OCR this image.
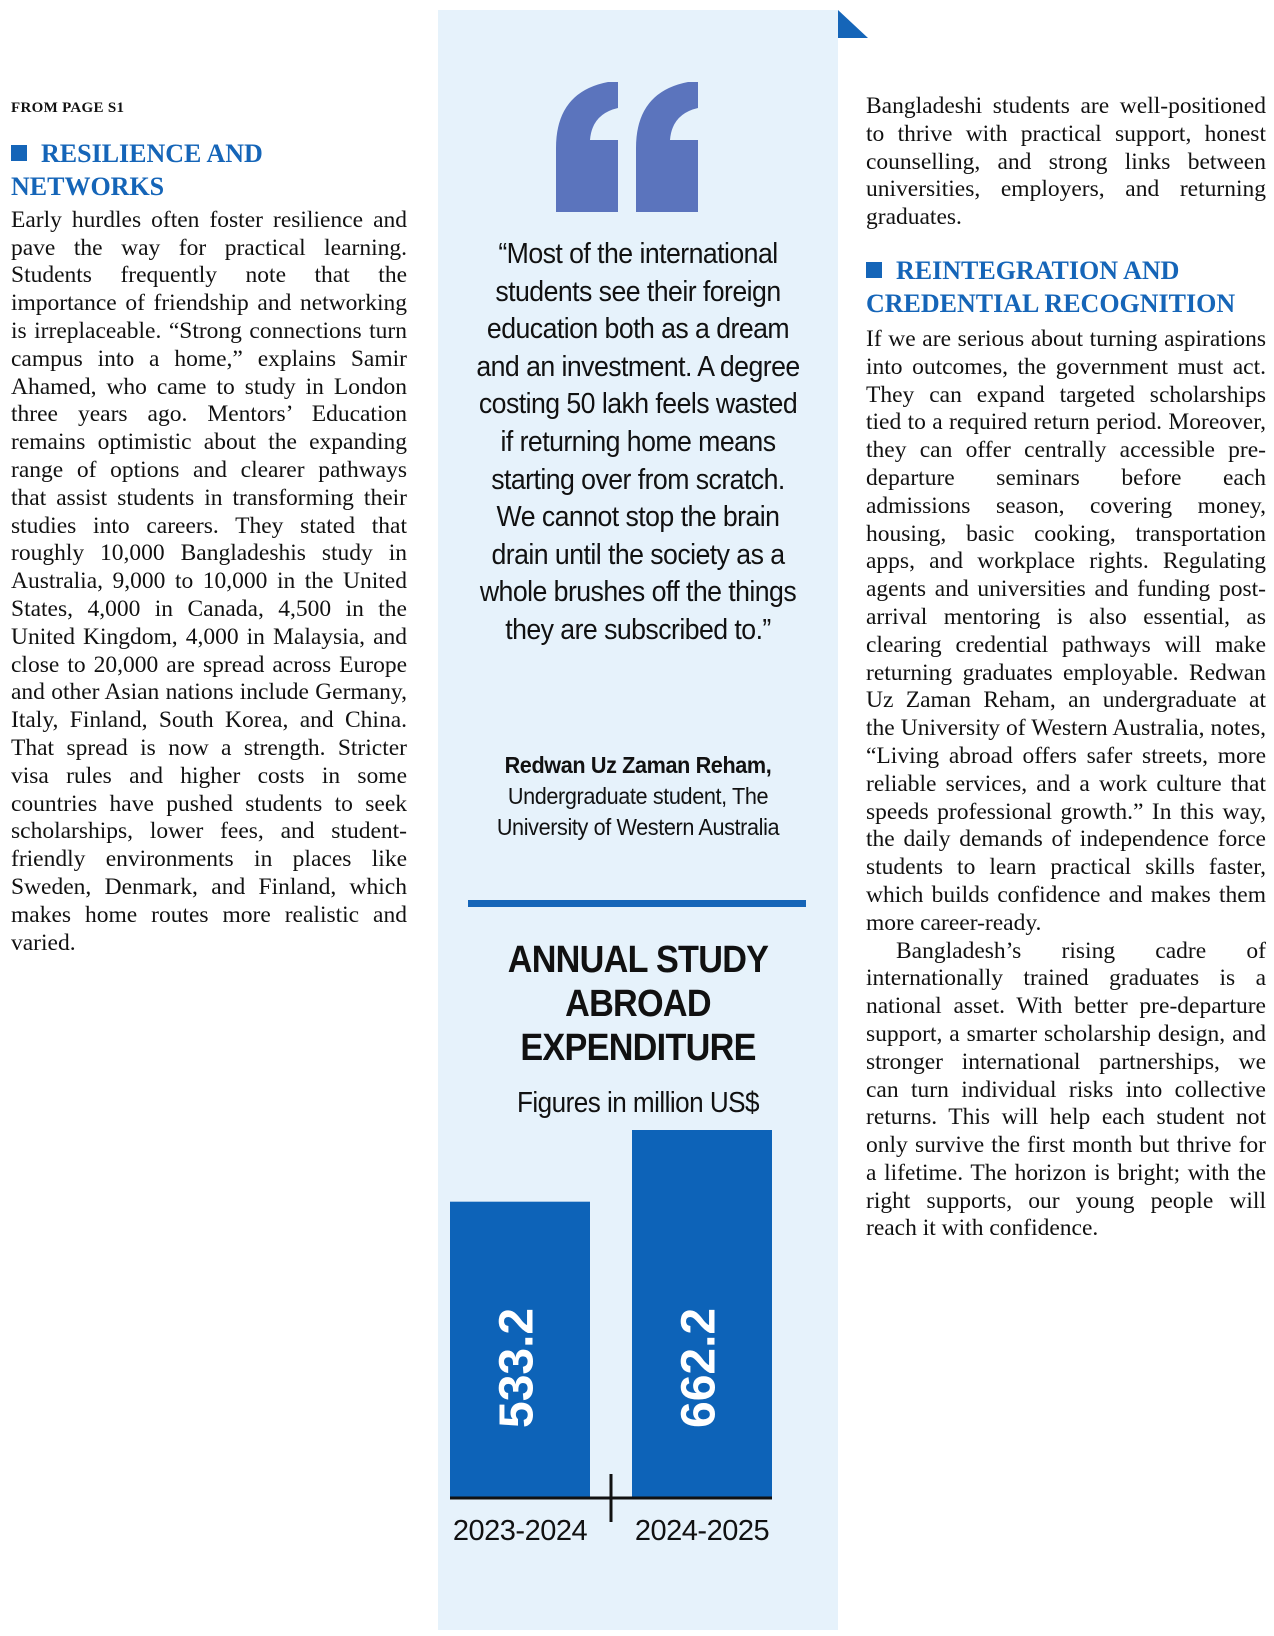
FROM PAGE S1
RESILIENCE AND NETWORKS

Early hurdles often foster resilience and pave the way for practical learning. Students frequently note that the importance of friendship and networking is irreplaceable. “Strong connections turn campus into a home,” explains Samir Ahamed, who came to study in London three years ago. Mentors’ Education remains optimistic about the expanding range of options and clearer pathways that assist students in transforming their studies into careers. They stated that roughly 10,000 Bangladeshis study in Australia, 9,000 to 10,000 in the United States, 4,000 in Canada, 4,500 in the United Kingdom, 4,000 in Malaysia, and close to 20,000 are spread across Europe and other Asian nations include Germany, Italy, Finland, South Korea, and China. That spread is now a strength. Stricter visa rules and higher costs in some countries have pushed students to seek scholarships, lower fees, and student-friendly environments in places like Sweden, Denmark, and Finland, which makes home routes more realistic and varied.

“Most of the international students see their foreign education both as a dream and an investment. A degree costing 50 lakh feels wasted if returning home means starting over from scratch. We cannot stop the brain drain until the society as a whole brushes off the things they are subscribed to.”
Redwan Uz Zaman Reham, Undergraduate student, The University of Western Australia
ANNUAL STUDY ABROAD EXPENDITURE
Figures in million US$
533.2
2023-2024
662.2
2024-2025

Bangladeshi students are well-positioned to thrive with practical support, honest counselling, and strong links between universities, employers, and returning graduates.

REINTEGRATION AND CREDENTIAL RECOGNITION

If we are serious about turning aspirations into outcomes, the government must act. They can expand targeted scholarships tied to a required return period. Moreover, they can offer centrally accessible pre-departure seminars before each admissions season, covering money, housing, basic cooking, transportation apps, and workplace rights. Regulating agents and universities and funding post-arrival mentoring is also essential, as clearing credential pathways will make returning graduates employable. Redwan Uz Zaman Reham, an undergraduate at the University of Western Australia, notes, “Living abroad offers safer streets, more reliable services, and a work culture that speeds professional growth.” In this way, the daily demands of independence force students to learn practical skills faster, which builds confidence and makes them more career-ready.

Bangladesh’s rising cadre of internationally trained graduates is a national asset. With better pre-departure support, a smarter scholarship design, and stronger international partnerships, we can turn individual risks into collective returns. This will help each student not only survive the first month but thrive for a lifetime. The horizon is bright; with the right supports, our young people will reach it with confidence.
